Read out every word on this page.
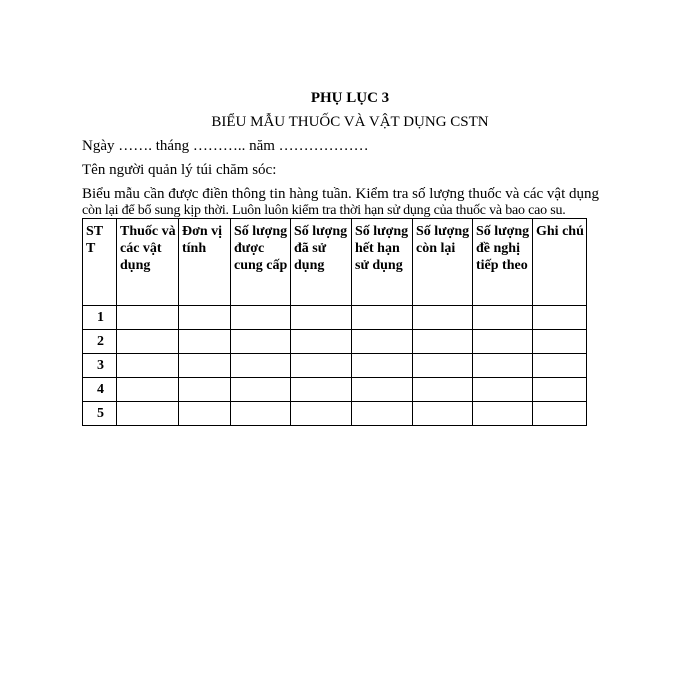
PHỤ LỤC 3
BIỂU MẪU THUỐC VÀ VẬT DỤNG CSTN
Ngày ……. tháng ……….. năm ………………
Tên người quản lý túi chăm sóc:
Biểu mẫu cần được điền thông tin hàng tuần. Kiểm tra số lượng thuốc và các vật dụng
còn lại để bổ sung kịp thời. Luôn luôn kiểm tra thời hạn sử dụng của thuốc và bao cao su.
ST T	Thuốc và các vật dụng	Đơn vị tính	Số lượng được cung cấp	Số lượng đã sử dụng	Số lượng hết hạn sử dụng	Số lượng còn lại	Số lượng đề nghị tiếp theo	Ghi chú
1								
2								
3								
4								
5								
